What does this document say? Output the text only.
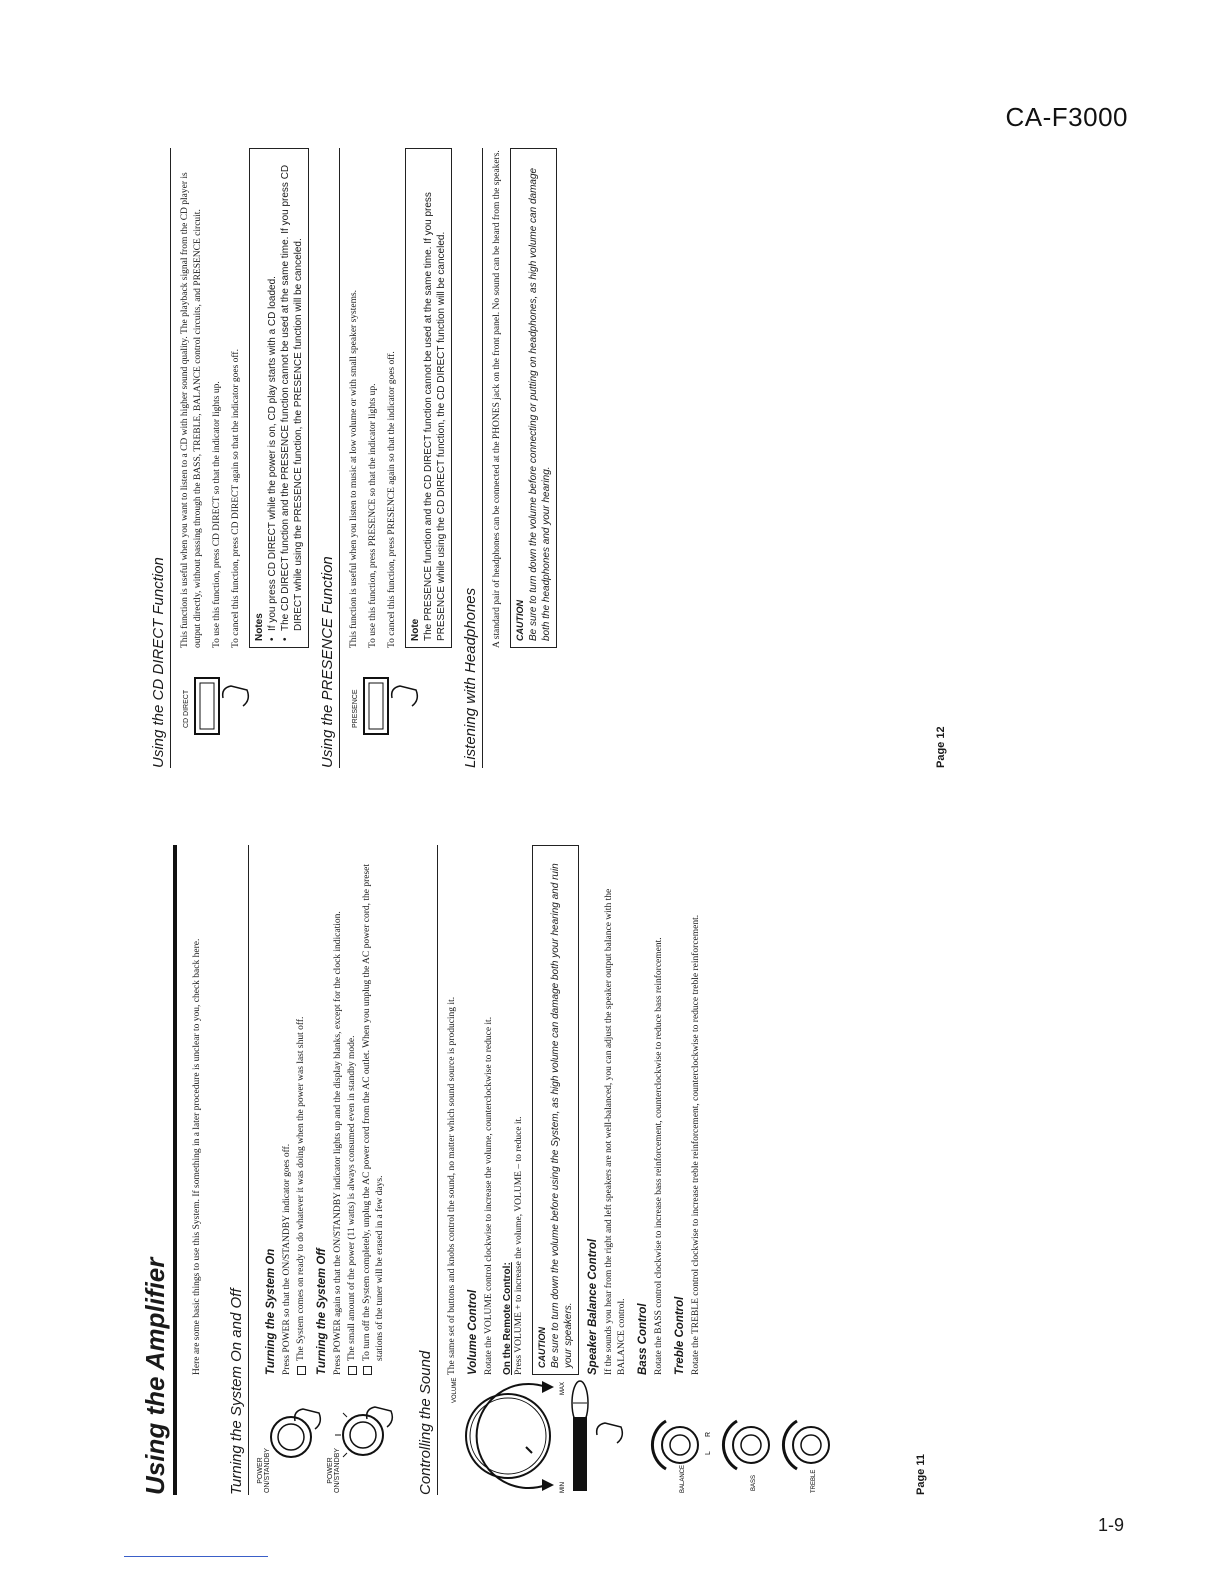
CA-F3000
1-9
Using the Amplifier

Here are some basic things to use this System. If something in a later procedure is unclear to you, check back here.

Turning the System On and Off	POWER
ON/STANDBY	POWER
ON/STANDBY
Turning the System On Press POWER so that the ON/STANDBY indicator goes off. The System comes on ready to do whatever it was doing when the power was last shut off. Turning the System Off Press POWER again so that the ON/STANDBY indicator lights up and the display blanks, except for the clock indication. The small amount of the power (11 watts) is always consumed even in standby mode. To turn off the System completely, unplug the AC power cord from the AC outlet. When you unplug the AC power cord, the preset stations of the tuner will be erased in a few days.
Controlling the Sound	MIN
MAX
VOLUME
BALANCE
L
R
BASS	TREBLE

The same set of buttons and knobs control the sound, no matter which sound source is producing it. Volume Control Rotate the VOLUME control clockwise to increase the volume, counterclockwise to reduce it. On the Remote Control: Press VOLUME + to increase the volume, VOLUME – to reduce it. CAUTION Be sure to turn down the volume before using the System, as high volume can damage both your hearing and ruin your speakers. Speaker Balance Control If the sounds you hear from the right and left speakers are not well-balanced, you can adjust the speaker output balance with the BALANCE control. Bass Control Rotate the BASS control clockwise to increase bass reinforcement, counterclockwise to reduce bass reinforcement. Treble Control Rotate the TREBLE control clockwise to increase treble reinforcement, counterclockwise to reduce treble reinforcement.

Page 11
Using the CD DIRECT Function	CD DIRECT

This function is useful when you want to listen to a CD with higher sound quality. The playback signal from the CD player is output directly, without passing through the BASS, TREBLE, BALANCE control circuits, and PRESENCE circuit. To use this function, press CD DIRECT so that the indicator lights up. To cancel this function, press CD DIRECT again so that the indicator goes off. Notes • If you press CD DIRECT while the power is on, CD play starts with a CD loaded. • The CD DIRECT function and the PRESENCE function cannot be used at the same time. If you press CD DIRECT while using the PRESENCE function, the PRESENCE function will be canceled.
Using the PRESENCE Function	PRESENCE

This function is useful when you listen to music at low volume or with small speaker systems. To use this function, press PRESENCE so that the indicator lights up. To cancel this function, press PRESENCE again so that the indicator goes off. Note The PRESENCE function and the CD DIRECT function cannot be used at the same time. If you press PRESENCE while using the CD DIRECT function, the CD DIRECT function will be canceled.
Listening with Headphones

A standard pair of headphones can be connected at the PHONES jack on the front panel. No sound can be heard from the speakers. CAUTION Be sure to turn down the volume before connecting or putting on headphones, as high volume can damage both the headphones and your hearing.
Page 12
